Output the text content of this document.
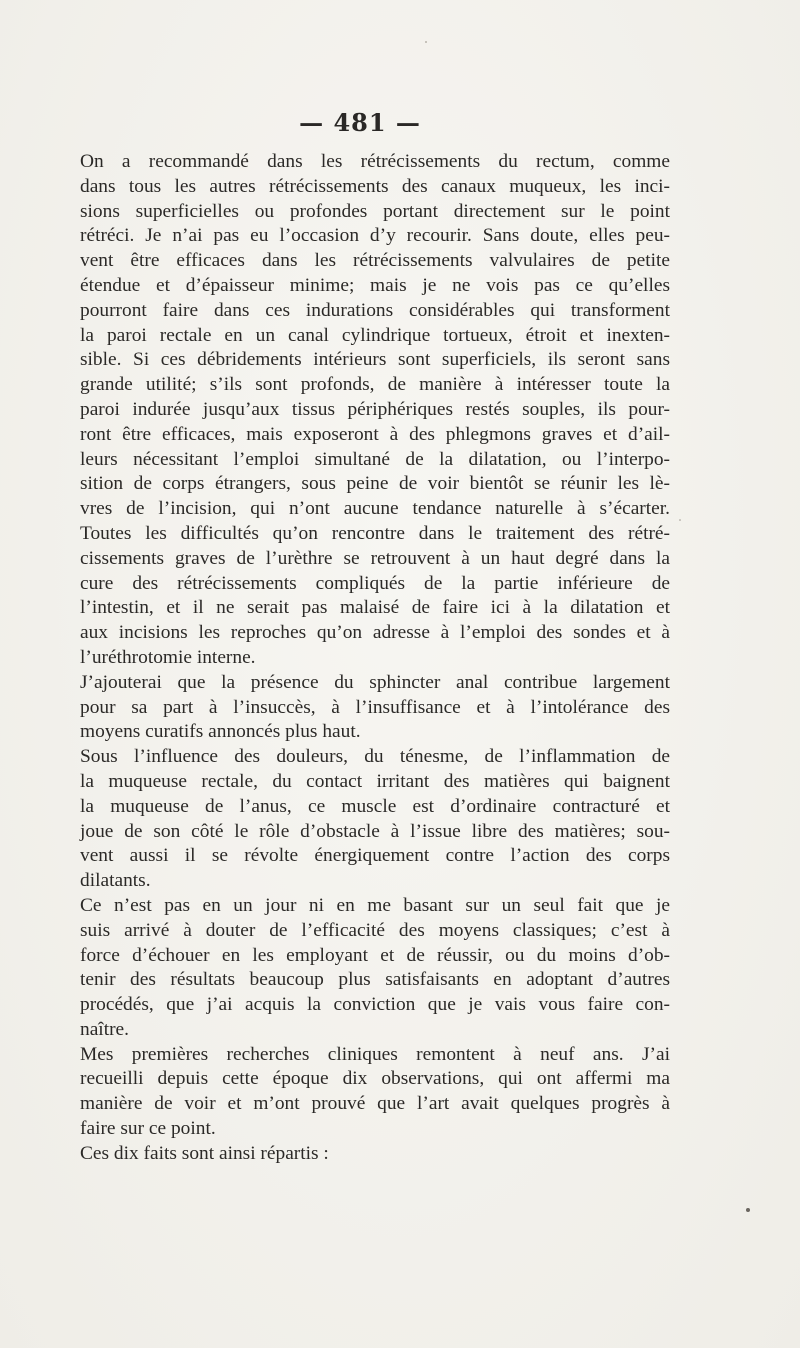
— 481 —
On a recommandé dans les rétrécissements du rectum, comme
dans tous les autres rétrécissements des canaux muqueux, les inci-
sions superficielles ou profondes portant directement sur le point
rétréci. Je n’ai pas eu l’occasion d’y recourir. Sans doute, elles peu-
vent être efficaces dans les rétrécissements valvulaires de petite
étendue et d’épaisseur minime; mais je ne vois pas ce qu’elles
pourront faire dans ces indurations considérables qui transforment
la paroi rectale en un canal cylindrique tortueux, étroit et inexten-
sible. Si ces débridements intérieurs sont superficiels, ils seront sans
grande utilité; s’ils sont profonds, de manière à intéresser toute la
paroi indurée jusqu’aux tissus périphériques restés souples, ils pour-
ront être efficaces, mais exposeront à des phlegmons graves et d’ail-
leurs nécessitant l’emploi simultané de la dilatation, ou l’interpo-
sition de corps étrangers, sous peine de voir bientôt se réunir les lè-
vres de l’incision, qui n’ont aucune tendance naturelle à s’écarter.
Toutes les difficultés qu’on rencontre dans le traitement des rétré-
cissements graves de l’urèthre se retrouvent à un haut degré dans la
cure des rétrécissements compliqués de la partie inférieure de
l’intestin, et il ne serait pas malaisé de faire ici à la dilatation et
aux incisions les reproches qu’on adresse à l’emploi des sondes et à
l’uréthrotomie interne.
J’ajouterai que la présence du sphincter anal contribue largement
pour sa part à l’insuccès, à l’insuffisance et à l’intolérance des
moyens curatifs annoncés plus haut.
Sous l’influence des douleurs, du ténesme, de l’inflammation de
la muqueuse rectale, du contact irritant des matières qui baignent
la muqueuse de l’anus, ce muscle est d’ordinaire contracturé et
joue de son côté le rôle d’obstacle à l’issue libre des matières; sou-
vent aussi il se révolte énergiquement contre l’action des corps
dilatants.
Ce n’est pas en un jour ni en me basant sur un seul fait que je
suis arrivé à douter de l’efficacité des moyens classiques; c’est à
force d’échouer en les employant et de réussir, ou du moins d’ob-
tenir des résultats beaucoup plus satisfaisants en adoptant d’autres
procédés, que j’ai acquis la conviction que je vais vous faire con-
naître.
Mes premières recherches cliniques remontent à neuf ans. J’ai
recueilli depuis cette époque dix observations, qui ont affermi ma
manière de voir et m’ont prouvé que l’art avait quelques progrès à
faire sur ce point.
Ces dix faits sont ainsi répartis :
